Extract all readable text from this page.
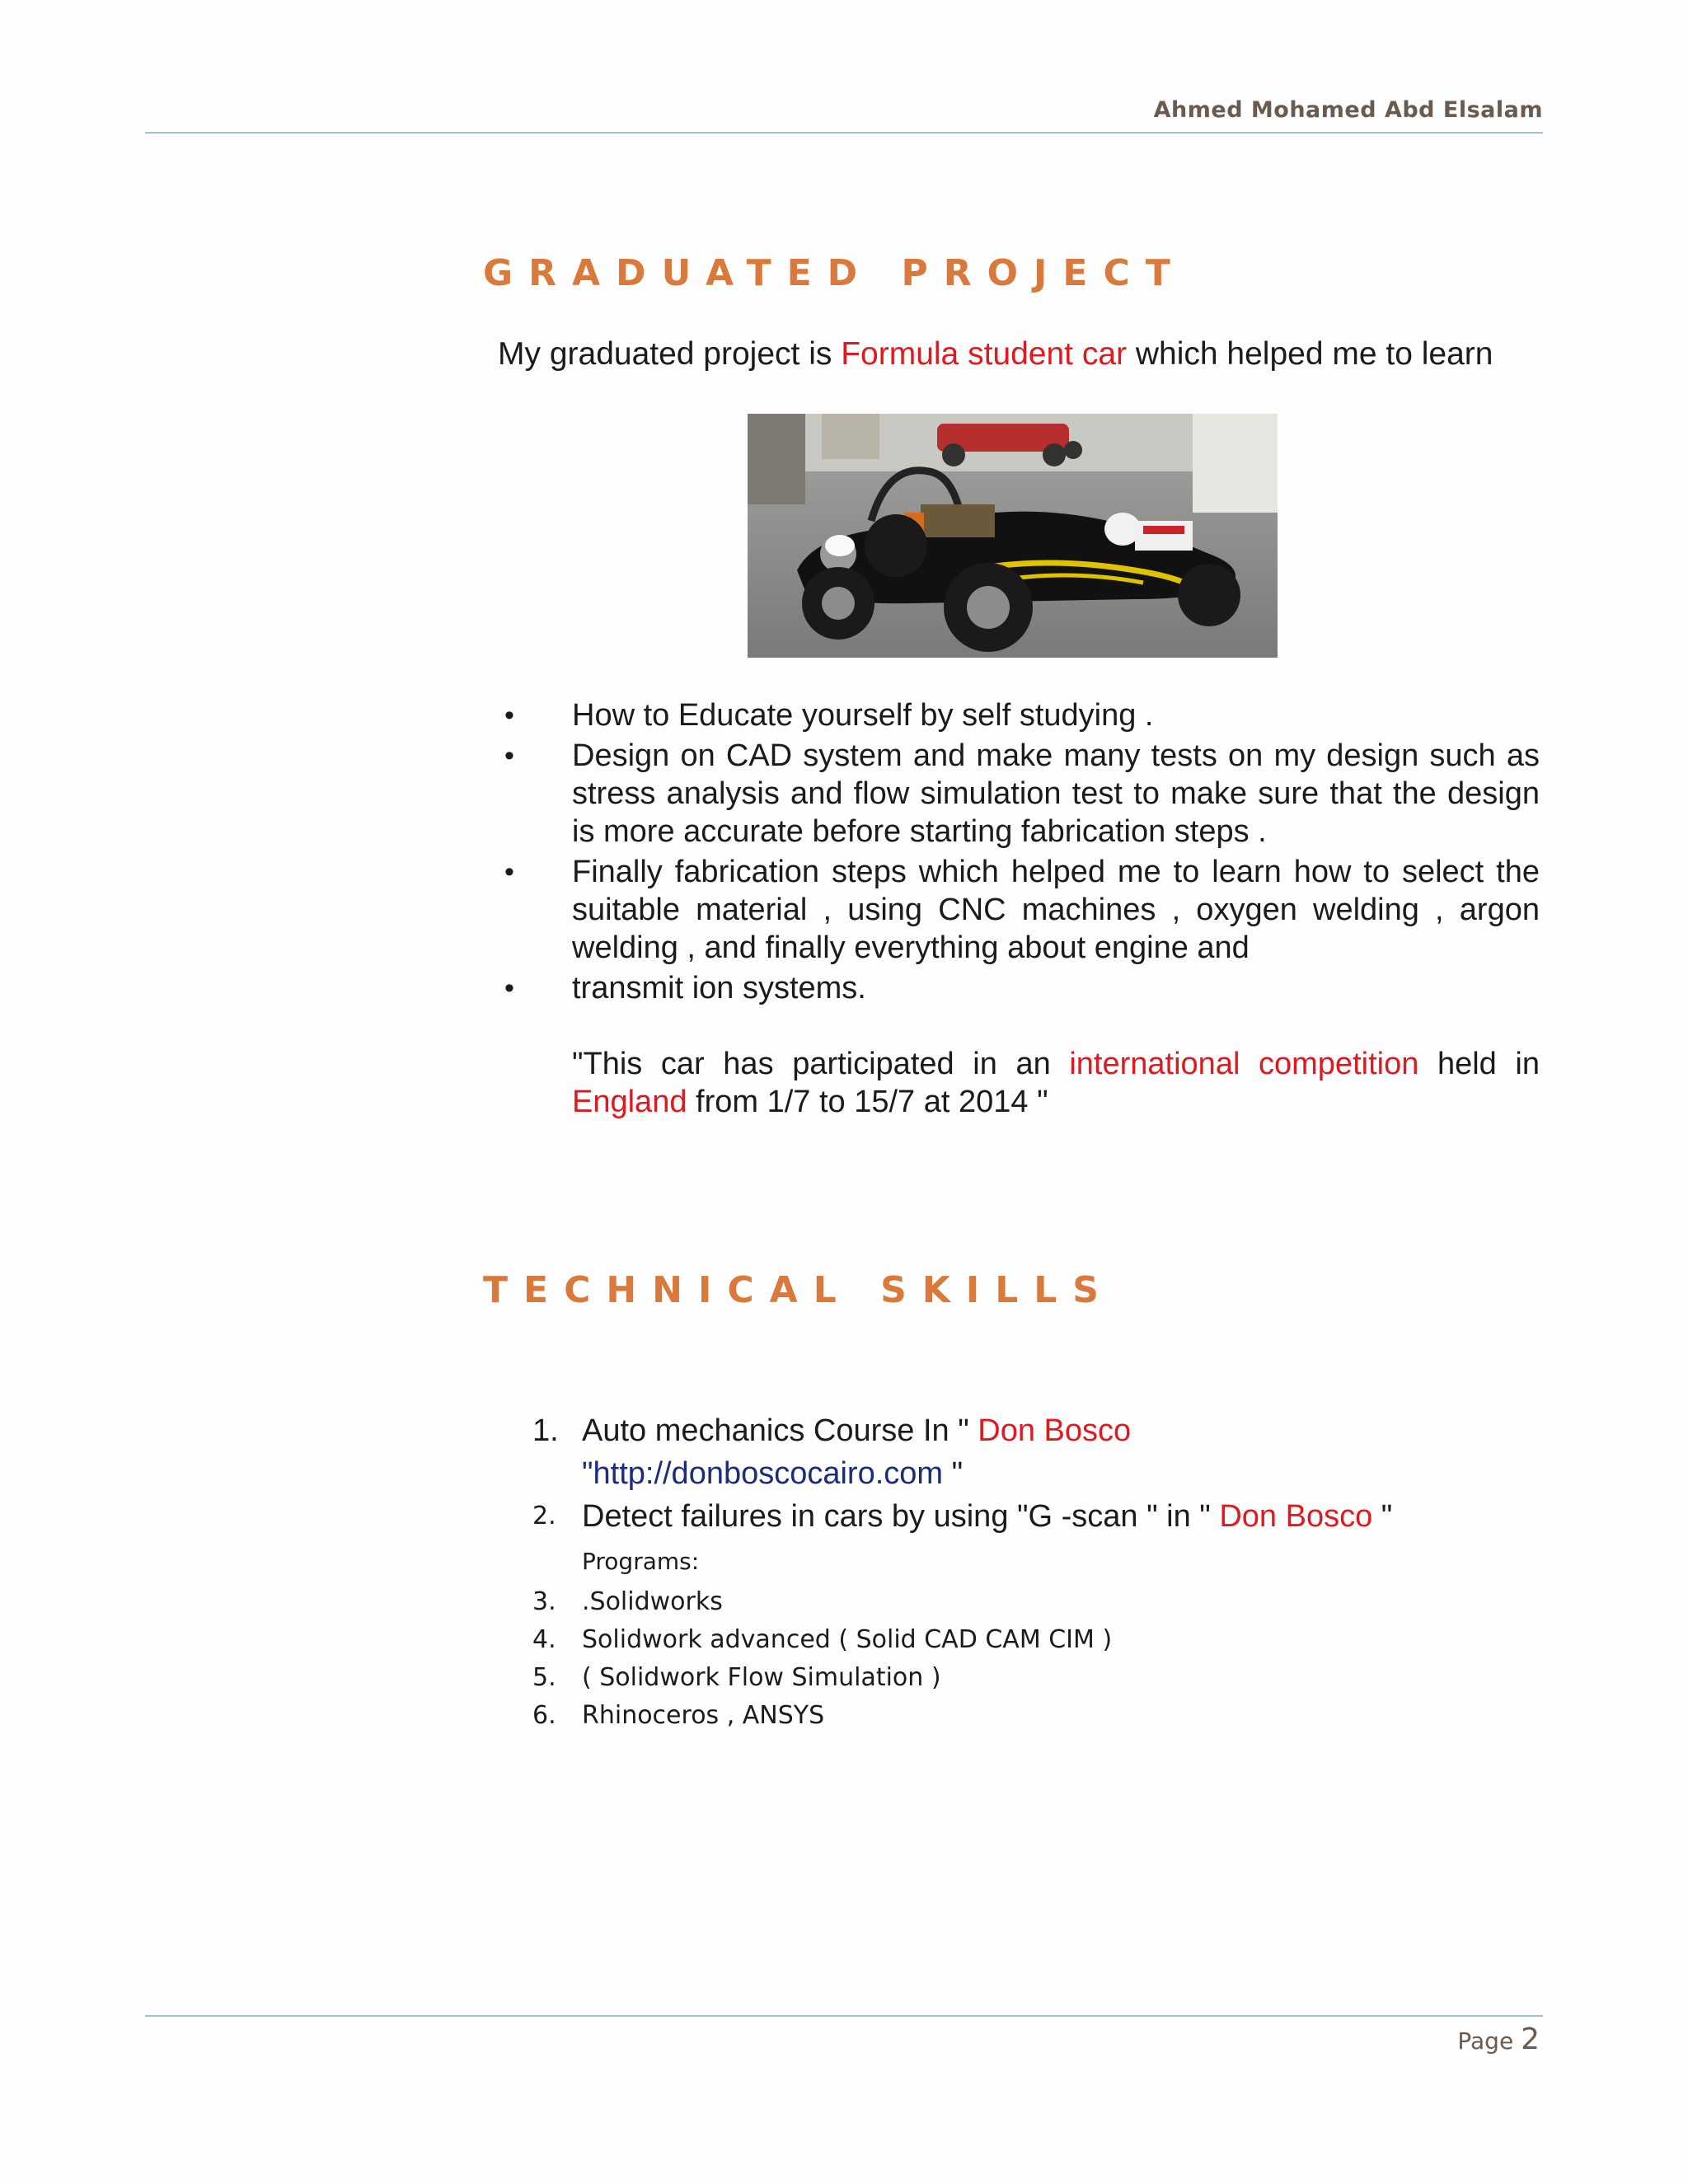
Ahmed Mohamed Abd Elsalam
GRADUATED PROJECT
My graduated project is Formula student car which helped me to learn
• How to Educate yourself by self studying .
• Design on CAD system and make many tests on my design such as stress analysis and flow simulation test to make sure that the design is more accurate before starting fabrication steps .
• Finally fabrication steps which helped me to learn how to select the suitable material , using CNC machines , oxygen welding , argon welding , and finally everything about engine and
• transmit ion systems.
"This car has participated in an international competition held in England from 1/7 to 15/7 at 2014 "
TECHNICAL SKILLS
1. Auto mechanics Course In " Don Bosco
"http://donboscocairo.com "
2. Detect failures in cars by using "G -scan " in " Don Bosco "
Programs:
3. .Solidworks
4. Solidwork advanced ( Solid CAD CAM CIM )
5. ( Solidwork Flow Simulation )
6. Rhinoceros , ANSYS
Page 2
